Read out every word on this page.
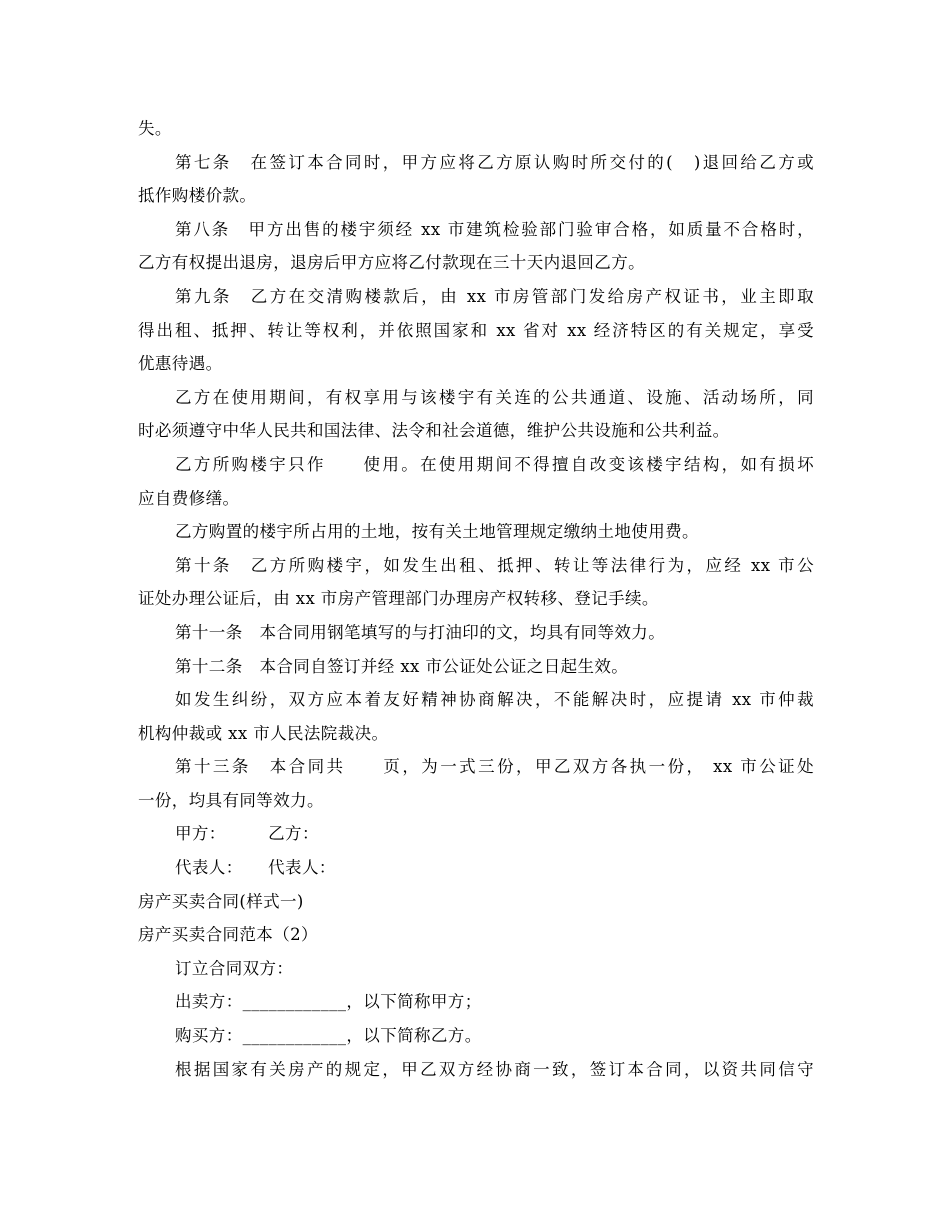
失。
第七条　在签订本合同时，甲方应将乙方原认购时所交付的(　)退回给乙方或
抵作购楼价款。
第八条　甲方出售的楼宇须经 xx 市建筑检验部门验审合格，如质量不合格时，
乙方有权提出退房，退房后甲方应将乙付款现在三十天内退回乙方。
第九条　乙方在交清购楼款后，由 xx 市房管部门发给房产权证书，业主即取
得出租、抵押、转让等权利，并依照国家和 xx 省对 xx 经济特区的有关规定，享受
优惠待遇。
乙方在使用期间，有权享用与该楼宇有关连的公共通道、设施、活动场所，同
时必须遵守中华人民共和国法律、法令和社会道德，维护公共设施和公共利益。
乙方所购楼宇只作　　使用。在使用期间不得擅自改变该楼宇结构，如有损坏
应自费修缮。
乙方购置的楼宇所占用的土地，按有关土地管理规定缴纳土地使用费。
第十条　乙方所购楼宇，如发生出租、抵押、转让等法律行为，应经 xx 市公
证处办理公证后，由 xx 市房产管理部门办理房产权转移、登记手续。
第十一条　本合同用钢笔填写的与打油印的文，均具有同等效力。
第十二条　本合同自签订并经 xx 市公证处公证之日起生效。
如发生纠纷，双方应本着友好精神协商解决，不能解决时，应提请 xx 市仲裁
机构仲裁或 xx 市人民法院裁决。
第十三条　本合同共　　页，为一式三份，甲乙双方各执一份， xx 市公证处
一份，均具有同等效力。
甲方：　　　乙方：
代表人：　　代表人：
房产买卖合同(样式一)
房产买卖合同范本（2）
订立合同双方：
出卖方：____________，以下简称甲方；
购买方：____________，以下简称乙方。
根据国家有关房产的规定，甲乙双方经协商一致，签订本合同，以资共同信守
